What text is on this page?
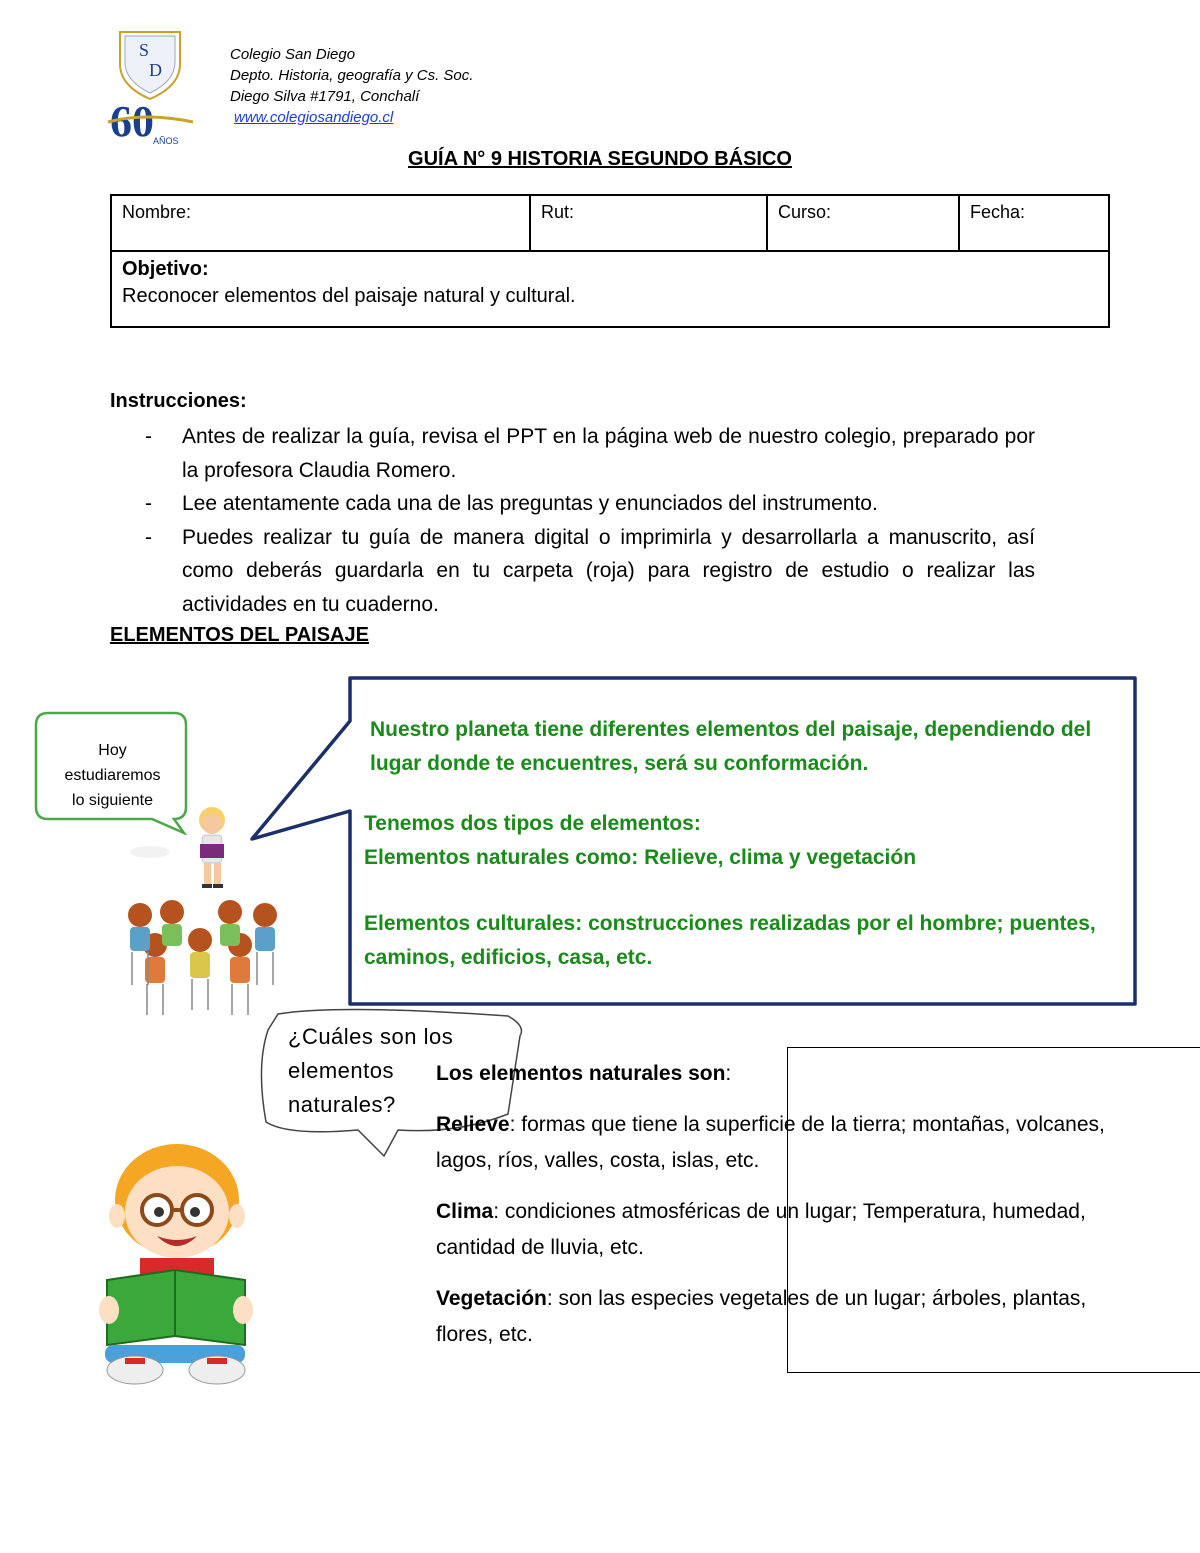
S
D
60 AÑOS
Colegio San Diego
Depto. Historia, geografía y Cs. Soc.
Diego Silva #1791, Conchalí
www.colegiosandiego.cl
GUÍA N° 9 HISTORIA SEGUNDO BÁSICO
Nombre:	Rut:	Curso:	Fecha:

Objetivo:
Reconocer elementos del paisaje natural y cultural.
Instrucciones:
- Antes de realizar la guía, revisa el PPT en la página web de nuestro colegio, preparado por la profesora Claudia Romero.
- Lee atentamente cada una de las preguntas y enunciados del instrumento.
- Puedes realizar tu guía de manera digital o imprimirla y desarrollarla a manuscrito, así como deberás guardarla en tu carpeta (roja) para registro de estudio o realizar las actividades en tu cuaderno.
ELEMENTOS DEL PAISAJE
Hoy
estudiaremos
lo siguiente

Nuestro planeta tiene diferentes elementos del paisaje, dependiendo del lugar donde te encuentres, será su conformación.

Tenemos dos tipos de elementos:

Elementos naturales como: Relieve, clima y vegetación

Elementos culturales: construcciones realizadas por el hombre; puentes, caminos, edificios, casa, etc.

¿Cuáles son los
elementos
naturales?

Los elementos naturales son:

Relieve: formas que tiene la superficie de la tierra; montañas, volcanes, lagos, ríos, valles, costa, islas, etc.

Clima: condiciones atmosféricas de un lugar; Temperatura, humedad, cantidad de lluvia, etc.

Vegetación: son las especies vegetales de un lugar; árboles, plantas, flores, etc.
